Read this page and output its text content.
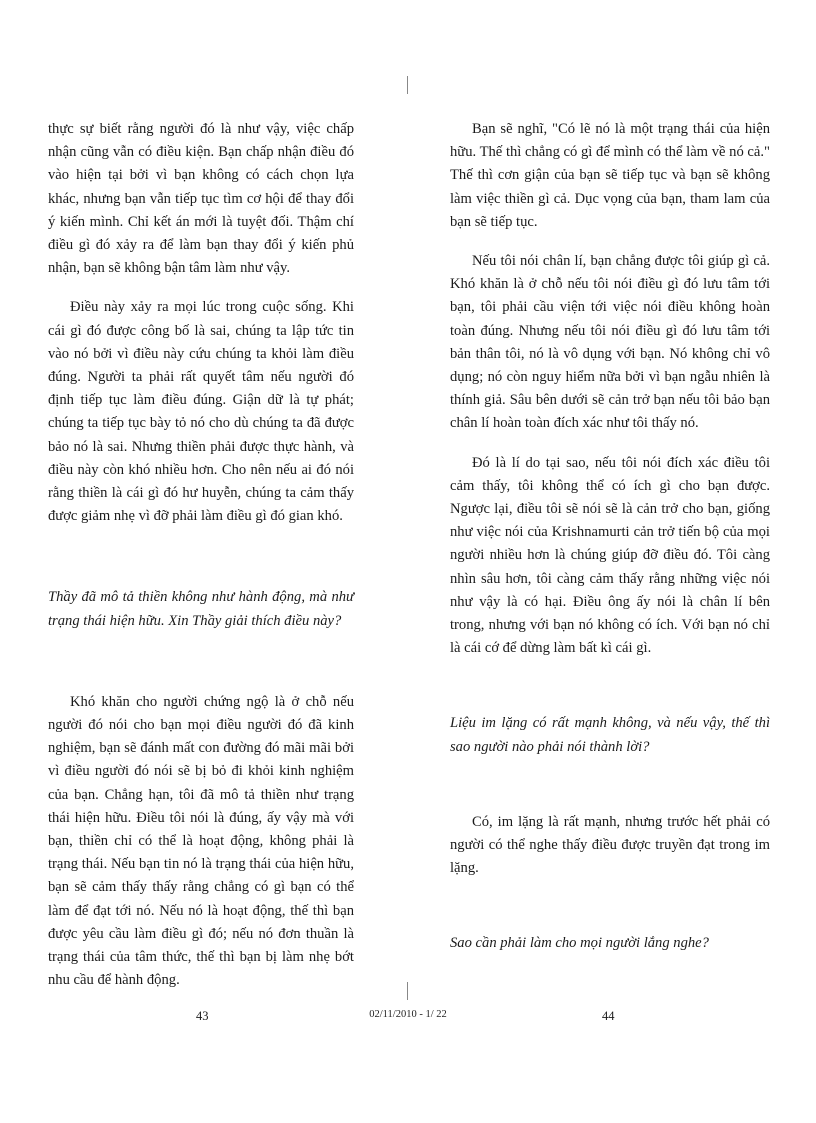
thực sự biết rằng người đó là như vậy, việc chấp nhận cũng vẫn có điều kiện. Bạn chấp nhận điều đó vào hiện tại bởi vì bạn không có cách chọn lựa khác, nhưng bạn vẫn tiếp tục tìm cơ hội để thay đổi ý kiến mình. Chỉ kết án mới là tuyệt đối. Thậm chí điều gì đó xảy ra để làm bạn thay đổi ý kiến phủ nhận, bạn sẽ không bận tâm làm như vậy.

Điều này xảy ra mọi lúc trong cuộc sống. Khi cái gì đó được công bố là sai, chúng ta lập tức tin vào nó bởi vì điều này cứu chúng ta khỏi làm điều đúng. Người ta phải rất quyết tâm nếu người đó định tiếp tục làm điều đúng. Giận dữ là tự phát; chúng ta tiếp tục bày tỏ nó cho dù chúng ta đã được bảo nó là sai. Nhưng thiền phải được thực hành, và điều này còn khó nhiều hơn. Cho nên nếu ai đó nói rằng thiền là cái gì đó hư huyễn, chúng ta cảm thấy được giảm nhẹ vì đỡ phải làm điều gì đó gian khó.

Thầy đã mô tả thiền không như hành động, mà như trạng thái hiện hữu. Xin Thầy giải thích điều này?

Khó khăn cho người chứng ngộ là ở chỗ nếu người đó nói cho bạn mọi điều người đó đã kinh nghiệm, bạn sẽ đánh mất con đường đó mãi mãi bởi vì điều người đó nói sẽ bị bỏ đi khỏi kinh nghiệm của bạn. Chẳng hạn, tôi đã mô tả thiền như trạng thái hiện hữu. Điều tôi nói là đúng, ấy vậy mà với bạn, thiền chỉ có thể là hoạt động, không phải là trạng thái. Nếu bạn tin nó là trạng thái của hiện hữu, bạn sẽ cảm thấy thấy rằng chẳng có gì bạn có thể làm để đạt tới nó. Nếu nó là hoạt động, thế thì bạn được yêu cầu làm điều gì đó; nếu nó đơn thuần là trạng thái của tâm thức, thế thì bạn bị làm nhẹ bớt nhu cầu để hành động.

Bạn sẽ nghĩ, "Có lẽ nó là một trạng thái của hiện hữu. Thế thì chẳng có gì để mình có thể làm về nó cả." Thế thì cơn giận của bạn sẽ tiếp tục và bạn sẽ không làm việc thiền gì cả. Dục vọng của bạn, tham lam của bạn sẽ tiếp tục.

Nếu tôi nói chân lí, bạn chẳng được tôi giúp gì cả. Khó khăn là ở chỗ nếu tôi nói điều gì đó lưu tâm tới bạn, tôi phải cầu viện tới việc nói điều không hoàn toàn đúng. Nhưng nếu tôi nói điều gì đó lưu tâm tới bản thân tôi, nó là vô dụng với bạn. Nó không chỉ vô dụng; nó còn nguy hiểm nữa bởi vì bạn ngẫu nhiên là thính giả. Sâu bên dưới sẽ cản trở bạn nếu tôi bảo bạn chân lí hoàn toàn đích xác như tôi thấy nó.

Đó là lí do tại sao, nếu tôi nói đích xác điều tôi cảm thấy, tôi không thể có ích gì cho bạn được. Ngược lại, điều tôi sẽ nói sẽ là cản trở cho bạn, giống như việc nói của Krishnamurti cản trở tiến bộ của mọi người nhiều hơn là chúng giúp đỡ điều đó. Tôi càng nhìn sâu hơn, tôi càng cảm thấy rằng những việc nói như vậy là có hại. Điều ông ấy nói là chân lí bên trong, nhưng với bạn nó không có ích. Với bạn nó chỉ là cái cớ để dừng làm bất kì cái gì.

Liệu im lặng có rất mạnh không, và nếu vậy, thế thì sao người nào phải nói thành lời?

Có, im lặng là rất mạnh, nhưng trước hết phải có người có thể nghe thấy điều được truyền đạt trong im lặng.

Sao cần phải làm cho mọi người lắng nghe?

43	02/11/2010 - 1/ 22	44
